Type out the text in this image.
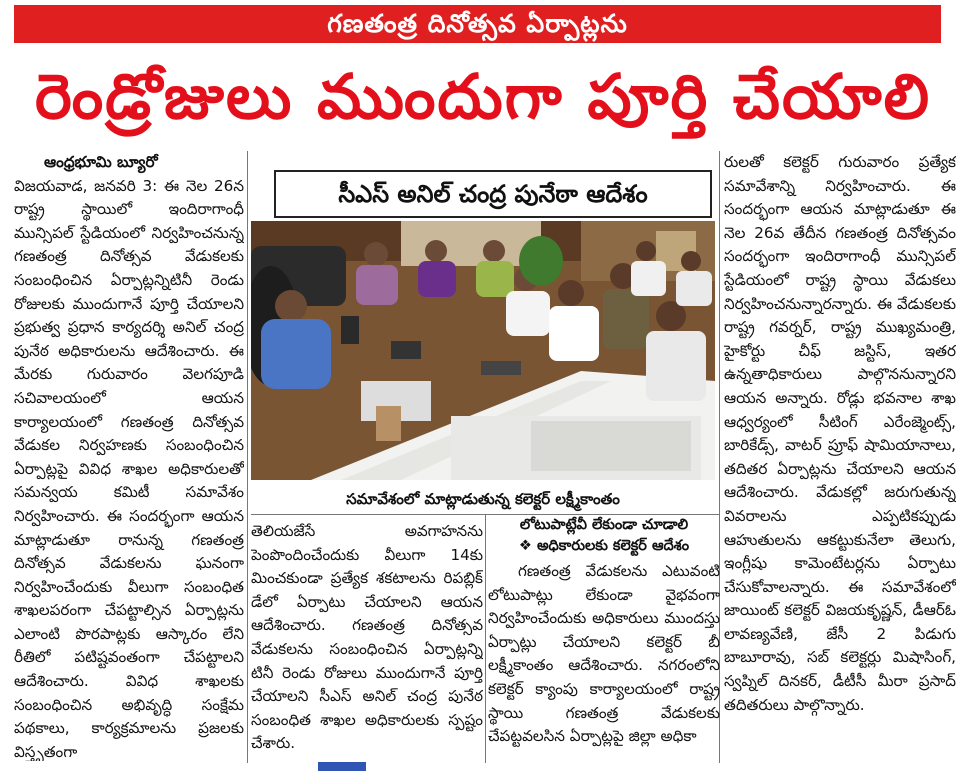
గణతంత్ర దినోత్సవ ఏర్పాట్లను
రెండ్రోజులు ముందుగా పూర్తి చేయాలి

ఆంధ్రభూమి బ్యూరో

విజయవాడ, జనవరి 3: ఈ నెల 26న రాష్ట్ర స్థాయిలో ఇందిరాగాంధీ మున్సిపల్ స్టేడియంలో నిర్వహించనున్న గణతంత్ర దినోత్సవ వేడుకలకు సంబంధించిన ఏర్పాట్లన్నిటినీ రెండు రోజులకు ముందుగానే పూర్తి చేయాలని ప్రభుత్వ ప్రధాన కార్యదర్శి అనిల్ చంద్ర పునేఠ అధికారులను ఆదేశించారు. ఈ మేరకు గురువారం వెలగపూడి సచివాలయంలో ఆయన కార్యాలయంలో గణతంత్ర దినోత్సవ వేడుకల నిర్వహణకు సంబంధించిన ఏర్పాట్లపై వివిధ శాఖల అధికారులతో సమన్వయ కమిటీ సమావేశం నిర్వహించారు. ఈ సందర్భంగా ఆయన మాట్లాడుతూ రానున్న గణతంత్ర దినోత్సవ వేడుకలను ఘనంగా నిర్వహించేందుకు వీలుగా సంబంధిత శాఖలపరంగా చేపట్టాల్సిన ఏర్పాట్లను ఎలాంటి పొరపాట్లకు ఆస్కారం లేని రీతిలో పటిష్టవంతంగా చేపట్టాలని ఆదేశించారు. వివిధ శాఖలకు సంబంధించిన అభివృద్ధి సంక్షేమ పథకాలు, కార్యక్రమాలను ప్రజలకు విస్తృతంగా

సీఎస్ అనిల్ చంద్ర పునేఠా ఆదేశం
సమావేశంలో మాట్లాడుతున్న కలెక్టర్ లక్ష్మీకాంతం

తెలియజేసే అవగాహనను పెంపొందించేందుకు వీలుగా 14కు మించకుండా ప్రత్యేక శకటాలను రిపబ్లిక్ డేలో ఏర్పాటు చేయాలని ఆయన ఆదేశించారు. గణతంత్ర దినోత్సవ వేడుకలను సంబంధించిన ఏర్పాట్లన్ని టినీ రెండు రోజులు ముందుగానే పూర్తి చేయాలని సీఎస్ అనిల్ చంద్ర పునేఠ సంబంధిత శాఖల అధికారులకు స్పష్టం చేశారు.

లోటుపాట్లేవీ లేకుండా చూడాలి
❖ అధికారులకు కలెక్టర్ ఆదేశం

గణతంత్ర వేడుకలను ఎటువంటి లోటుపాట్లు లేకుండా వైభవంగా నిర్వహించేందుకు అధికారులు ముందస్తు ఏర్పాట్లు చేయాలని కలెక్టర్ బీ లక్ష్మీకాంతం ఆదేశించారు. నగరంలోని కలెక్టర్ క్యాంపు కార్యాలయంలో రాష్ట్ర స్థాయి గణతంత్ర వేడుకలకు చేపట్టవలసిన ఏర్పాట్లపై జిల్లా అధికా

రులతో కలెక్టర్ గురువారం ప్రత్యేక సమావేశాన్ని నిర్వహించారు. ఈ సందర్భంగా ఆయన మాట్లాడుతూ ఈ నెల 26వ తేదీన గణతంత్ర దినోత్సవం సందర్భంగా ఇందిరాగాంధీ మున్సిపల్ స్టేడియంలో రాష్ట్ర స్థాయి వేడుకలు నిర్వహించనున్నారన్నారు. ఈ వేడుకలకు రాష్ట్ర గవర్నర్, రాష్ట్ర ముఖ్యమంత్రి, హైకోర్టు చీఫ్ జస్టిస్, ఇతర ఉన్నతాధికారులు పాల్గొననున్నారని ఆయన అన్నారు. రోడ్లు భవనాల శాఖ ఆధ్వర్యంలో సీటింగ్ ఎరేంజ్మెంట్స్, బారికేడ్స్, వాటర్ ప్రూఫ్ షామియానాలు, తదితర ఏర్పాట్లను చేయాలని ఆయన ఆదేశించారు. వేడుకల్లో జరుగుతున్న వివరాలను ఎప్పటికప్పుడు ఆహుతులను ఆకట్టుకునేలా తెలుగు, ఇంగ్లీషు కామెంటేటర్లను ఏర్పాటు చేసుకోవాలన్నారు. ఈ సమావేశంలో జాయింట్ కలెక్టర్ విజయకృష్ణన్, డీఆర్ఓ లావణ్యవేణి, జేసీ 2 పిడుగు బాబూరావు, సబ్ కలెక్టర్లు మిషాసింగ్, స్వప్నిల్ దినకర్, డీటీసీ మీరా ప్రసాద్ తదితరులు పాల్గొన్నారు.
